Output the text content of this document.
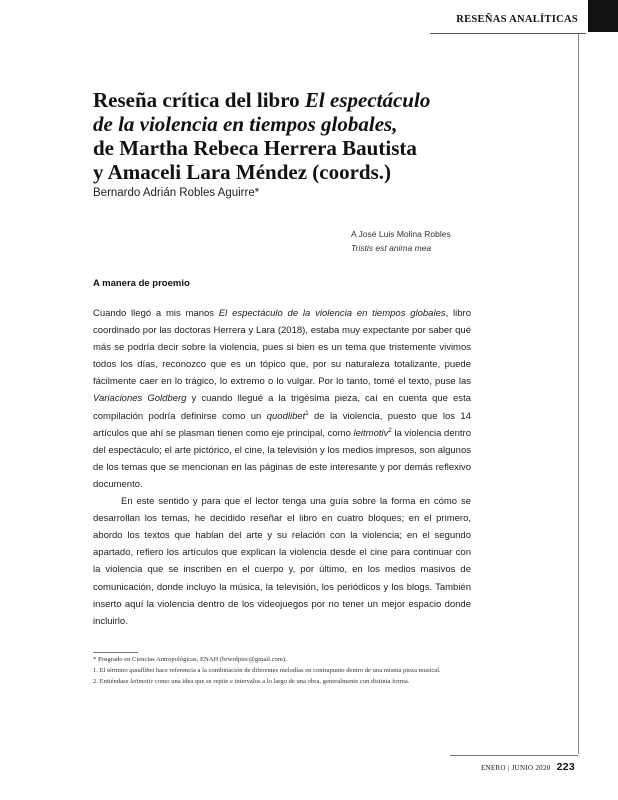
RESEÑAS ANALÍTICAS
Reseña crítica del libro El espectáculo
de la violencia en tiempos globales,
de Martha Rebeca Herrera Bautista
y Amaceli Lara Méndez (coords.)
Bernardo Adrián Robles Aguirre*
A José Luis Molina Robles
Tristis est anima mea
A manera de proemio

Cuando llegó a mis manos El espectáculo de la violencia en tiempos globales, libro coordinado por las doctoras Herrera y Lara (2018), estaba muy expectante por saber qué más se podría decir sobre la violencia, pues si bien es un tema que tristemente vivimos todos los días, reconozco que es un tópico que, por su naturaleza totalizante, puede fácilmente caer en lo trágico, lo extremo o lo vulgar. Por lo tanto, tomé el texto, puse las Variaciones Goldberg y cuando llegué a la trigésima pieza, caí en cuenta que esta compilación podría definirse como un quodlibet$^1$ de la violencia, puesto que los 14 artículos que ahí se plasman tienen como eje principal, como leitmotiv$^2$ la violencia dentro del espectáculo; el arte pictórico, el cine, la televisión y los medios impresos, son algunos de los temas que se mencionan en las páginas de este interesante y por demás reflexivo documento.

En este sentido y para que el lector tenga una guía sobre la forma en cómo se desarrollan los temas, he decidido reseñar el libro en cuatro bloques; en el primero, abordo los textos que hablan del arte y su relación con la violencia; en el segundo apartado, refiero los artículos que explican la violencia desde el cine para continuar con la violencia que se inscriben en el cuerpo y, por último, en los medios masivos de comunicación, donde incluyo la música, la televisión, los periódicos y los blogs. También inserto aquí la violencia dentro de los videojuegos por no tener un mejor espacio donde incluirlo.

* Posgrado en Ciencias Antropológicas, ENAH (brwrdpiec@gmail.com).

1. El término quodlibet hace referencia a la combinación de diferentes melodías en contrapunto dentro de una misma pieza musical.

2. Entiéndase leitmotiv como una idea que se repite e intervalos a lo largo de una obra, generalmente con distinta forma.

ENERO | JUNIO 2020 223
